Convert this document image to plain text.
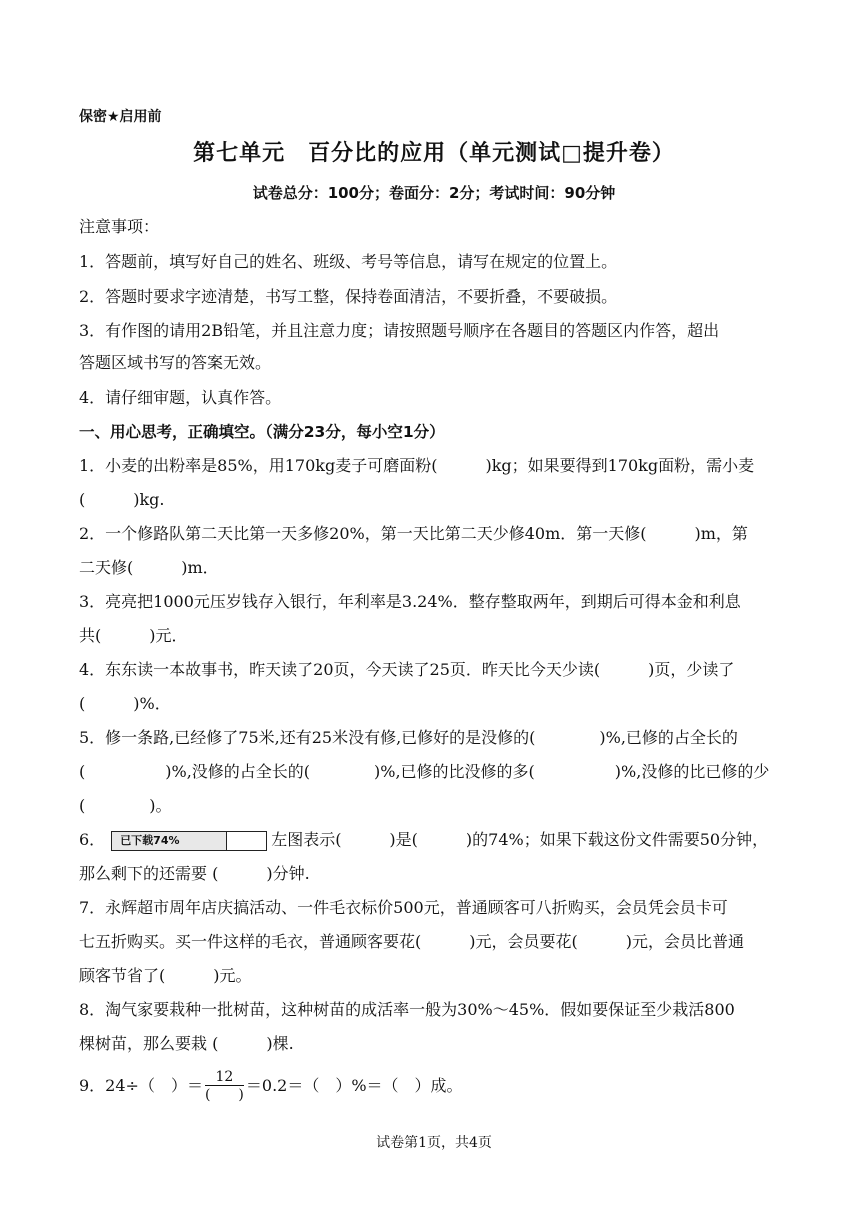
保密★启用前
第七单元　百分比的应用（单元测试□提升卷）
试卷总分：100分；卷面分：2分；考试时间：90分钟
注意事项：
1．答题前，填写好自己的姓名、班级、考号等信息，请写在规定的位置上。
2．答题时要求字迹清楚，书写工整，保持卷面清洁，不要折叠，不要破损。
3．有作图的请用2B铅笔，并且注意力度；请按照题号顺序在各题目的答题区内作答，超出
答题区域书写的答案无效。
4．请仔细审题，认真作答。
一、用心思考，正确填空。（满分23分，每小空1分）
1．小麦的出粉率是85%，用170kg麦子可磨面粉(　　　)kg；如果要得到170kg面粉，需小麦
(　　　)kg.
2．一个修路队第二天比第一天多修20%，第一天比第二天少修40m．第一天修(　　　)m，第
二天修(　　　)m．
3．亮亮把1000元压岁钱存入银行，年利率是3.24%．整存整取两年，到期后可得本金和利息
共(　　　)元．
4．东东读一本故事书，昨天读了20页，今天读了25页．昨天比今天少读(　　　)页，少读了
(　　　)%．
5．修一条路,已经修了75米,还有25米没有修,已修好的是没修的(　　　　)%,已修的占全长的
(　　　　　)%,没修的占全长的(　　　　)%,已修的比没修的多(　　　　　)%,没修的比已修的少
(　　　　)。
6． 已下载74%	左图表示(　　　)是(　　　)的74%；如果下载这份文件需要50分钟，
那么剩下的还需要 (　　　)分钟.
7．永辉超市周年店庆搞活动、一件毛衣标价500元，普通顾客可八折购买，会员凭会员卡可
七五折购买。买一件这样的毛衣，普通顾客要花(　　　)元，会员要花(　　　)元，会员比普通
顾客节省了(　　　)元。
8．淘气家要栽种一批树苗，这种树苗的成活率一般为30%～45%．假如要保证至少栽活800
棵树苗，那么要栽 (　　　)棵.
9．24÷（　）＝ $\frac{12}{( )} =0.2=$（　）%＝（　）成。
试卷第1页，共4页
